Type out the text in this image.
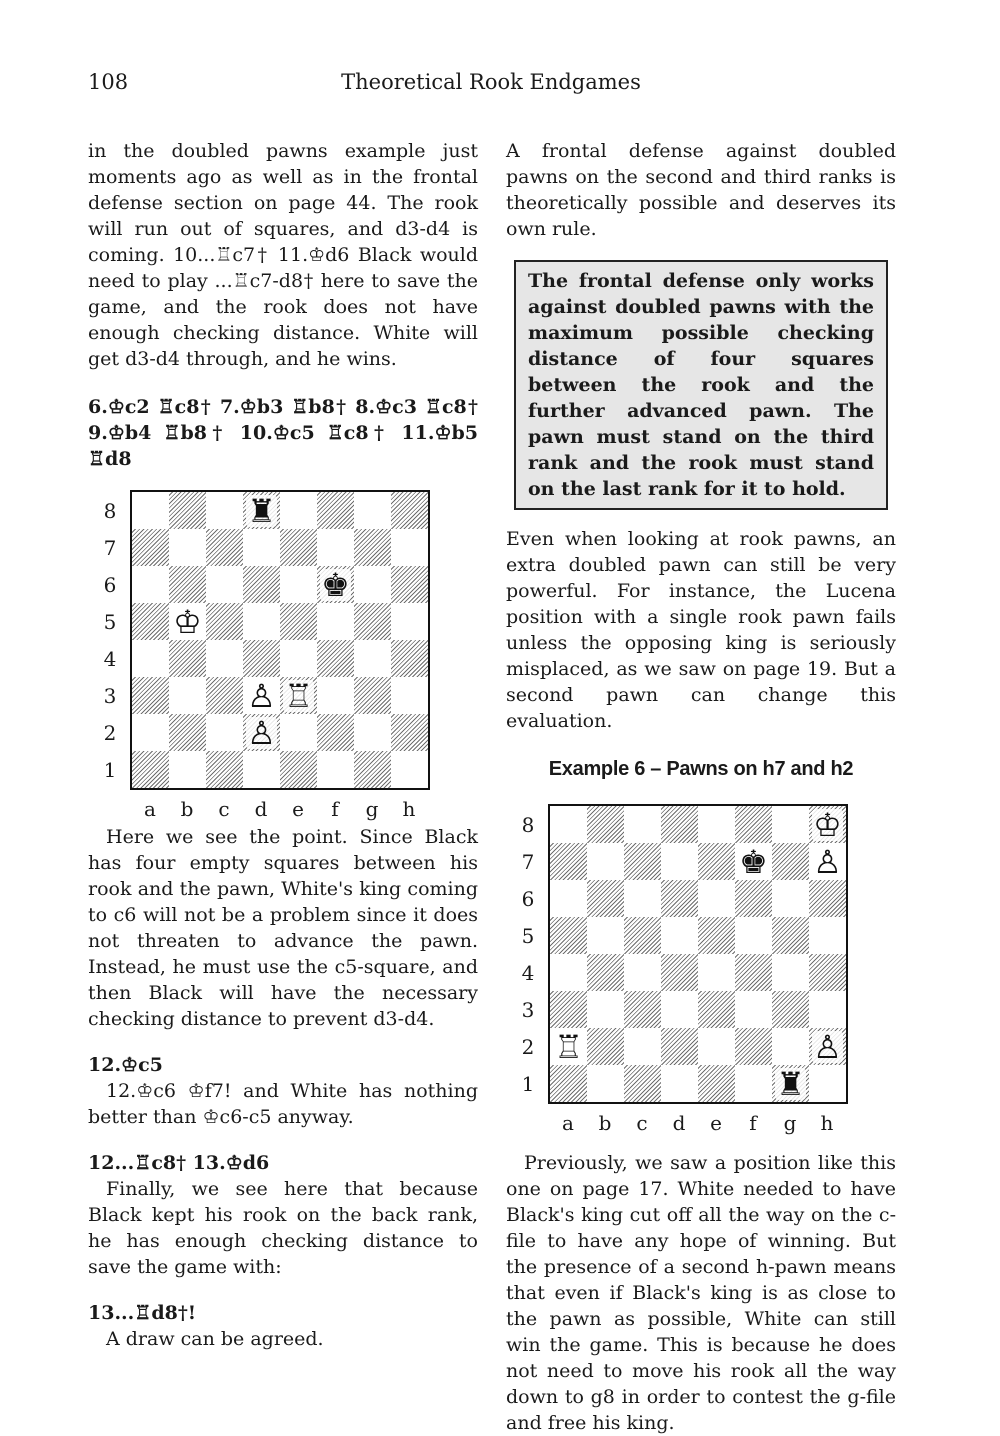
108	Theoretical Rook Endgames

in the doubled pawns example just moments ago as well as in the frontal defense section on page 44. The rook will run out of squares, and d3-d4 is coming. 10...♖c7† 11.♔d6 Black would need to play ...♖c7-d8† here to save the game, and the rook does not have enough checking distance. White will get d3-d4 through, and he wins.

6.♔c2 ♖c8† 7.♔b3 ♖b8† 8.♔c3 ♖c8† 9.♔b4 ♖b8† 10.♔c5 ♖c8† 11.♔b5 ♖d8

8
7
6
5
4
3
2
1
♜
♚
♔
♙ ♖
♙
a	b	c	d	e	f	g h

Here we see the point. Since Black has four empty squares between his rook and the pawn, White's king coming to c6 will not be a problem since it does not threaten to advance the pawn. Instead, he must use the c5-square, and then Black will have the necessary checking distance to prevent d3-d4.

12.♔c5

12.♔c6 ♔f7! and White has nothing better than ♔c6-c5 anyway.

12...♖c8† 13.♔d6

Finally, we see here that because Black kept his rook on the back rank, he has enough checking distance to save the game with:

13...♖d8†!

A draw can be agreed.

A frontal defense against doubled pawns on the second and third ranks is theoretically possible and deserves its own rule.

The frontal defense only works against doubled pawns with the maximum possible checking distance of four squares between the rook and the further advanced pawn. The pawn must stand on the third rank and the rook must stand on the last rank for it to hold.

Even when looking at rook pawns, an extra doubled pawn can still be very powerful. For instance, the Lucena position with a single rook pawn fails unless the opposing king is seriously misplaced, as we saw on page 19. But a second pawn can change this evaluation.

Example 6 – Pawns on h7 and h2
8
7
6
5
4
3
2
1
♔
♚ ♙
♖	♙
♜
a	b	c	d	e	f	g h

Previously, we saw a position like this one on page 17. White needed to have Black's king cut off all the way on the c-file to have any hope of winning. But the presence of a second h-pawn means that even if Black's king is as close to the pawn as possible, White can still win the game. This is because he does not need to move his rook all the way down to g8 in order to contest the g-file and free his king.
